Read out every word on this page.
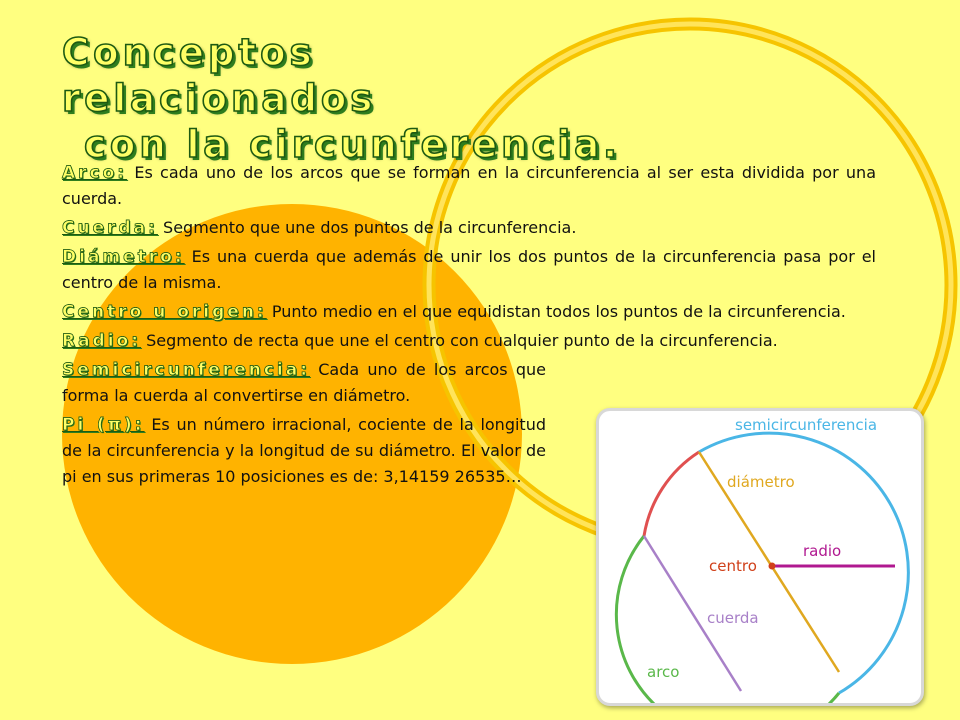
Conceptos relacionados
con la circunferencia.

Arco: Es cada uno de los arcos que se forman en la circunferencia al ser esta dividida por una cuerda.

Cuerda: Segmento que une dos puntos de la circunferencia.

Diámetro: Es una cuerda que además de unir los dos puntos de la circunferencia pasa por el centro de la misma.

Centro u origen: Punto medio en el que equidistan todos los puntos de la circunferencia.

Radio: Segmento de recta que une el centro con cualquier punto de la circunferencia.

Semicircunferencia: Cada uno de los arcos que forma la cuerda al convertirse en diámetro.

Pi (π): Es un número irracional, cociente de la longitud de la circunferencia y la longitud de su diámetro. El valor de pi en sus primeras 10 posiciones es de: 3,14159 26535…

semicircunferencia
diámetro
centro
radio
cuerda
arco
